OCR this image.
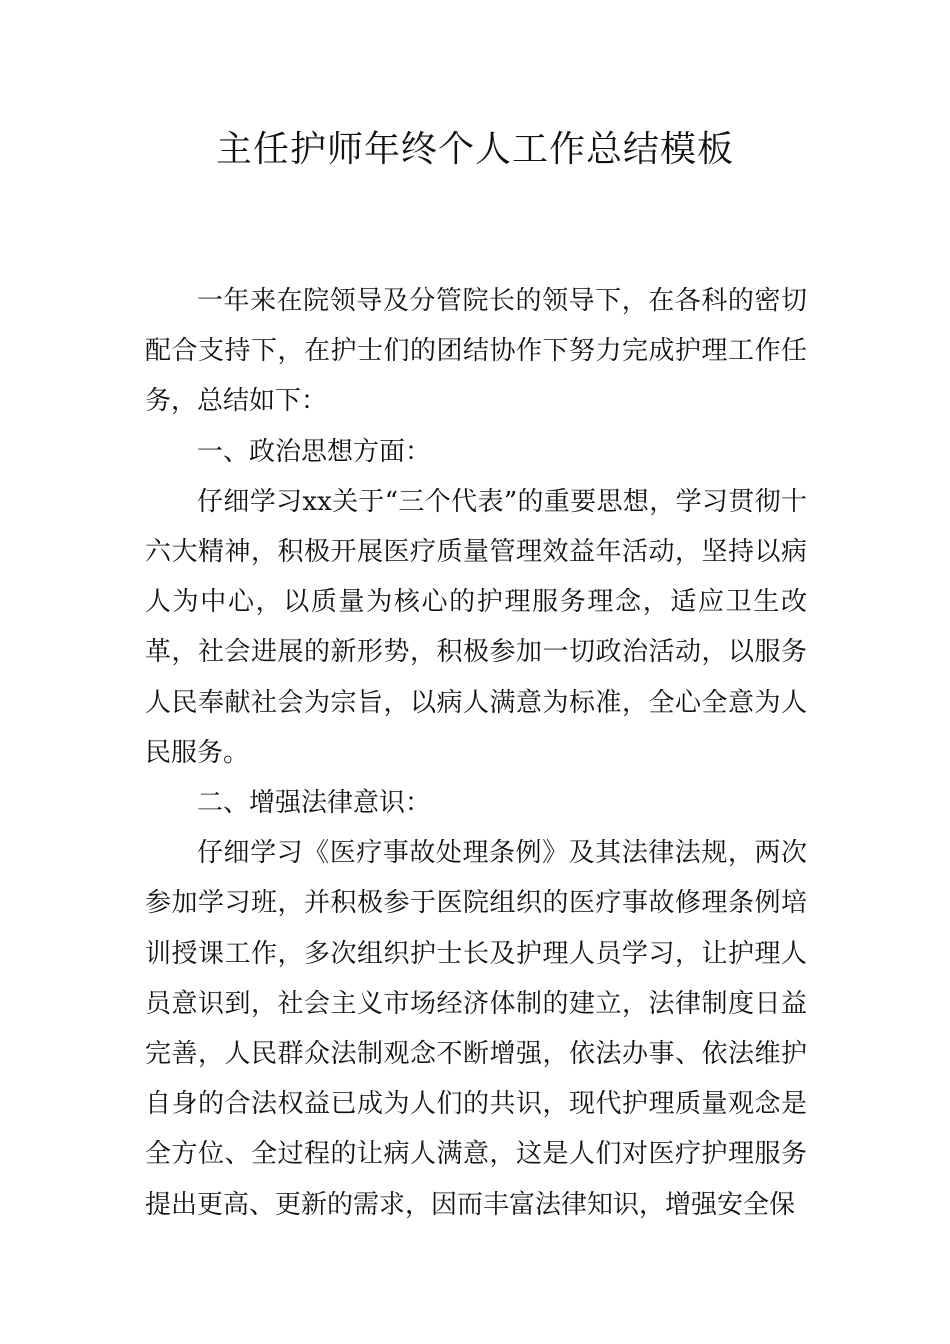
主任护师年终个人工作总结模板

一年来在院领导及分管院长的领导下，在各科的密切配合支持下，在护士们的团结协作下努力完成护理工作任务，总结如下：

一、政治思想方面：

仔细学习xx关于“三个代表”的重要思想，学习贯彻十六大精神，积极开展医疗质量管理效益年活动，坚持以病人为中心，以质量为核心的护理服务理念，适应卫生改革，社会进展的新形势，积极参加一切政治活动，以服务人民奉献社会为宗旨，以病人满意为标准，全心全意为人民服务。

二、增强法律意识：

仔细学习《医疗事故处理条例》及其法律法规，两次参加学习班，并积极参于医院组织的医疗事故修理条例培训授课工作，多次组织护士长及护理人员学习，让护理人员意识到，社会主义市场经济体制的建立，法律制度日益完善，人民群众法制观念不断增强，依法办事、依法维护自身的合法权益已成为人们的共识，现代护理质量观念是全方位、全过程的让病人满意，这是人们对医疗护理服务提出更高、更新的需求，因而丰富法律知识，增强安全保
